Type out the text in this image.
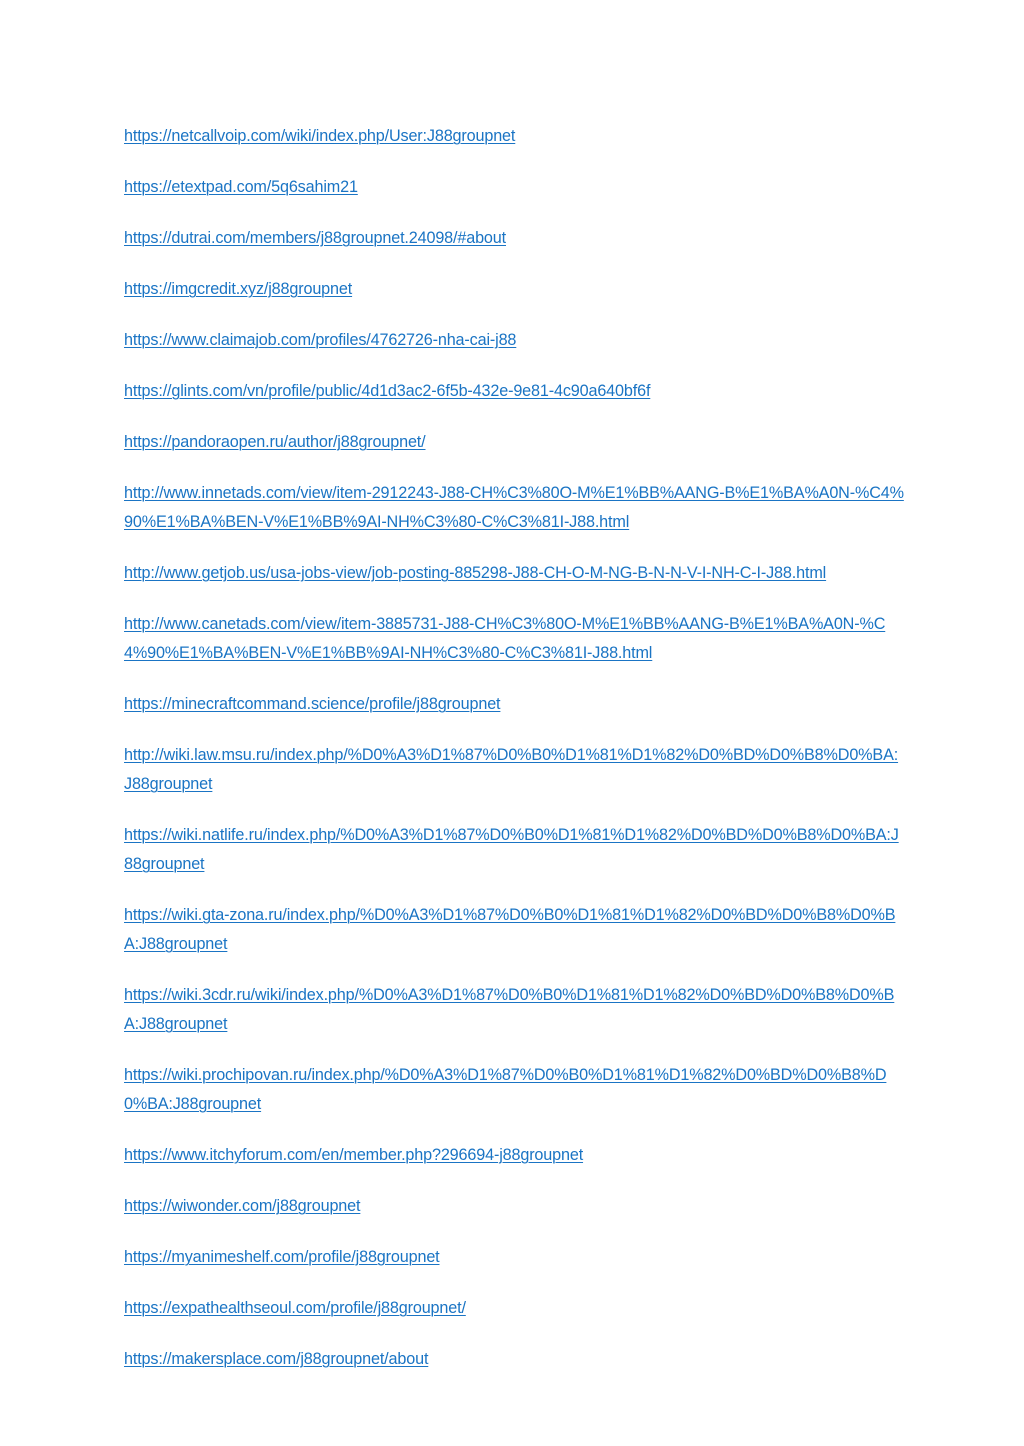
https://netcallvoip.com/wiki/index.php/User:J88groupnet

https://etextpad.com/5q6sahim21

https://dutrai.com/members/j88groupnet.24098/#about

https://imgcredit.xyz/j88groupnet

https://www.claimajob.com/profiles/4762726-nha-cai-j88

https://glints.com/vn/profile/public/4d1d3ac2-6f5b-432e-9e81-4c90a640bf6f

https://pandoraopen.ru/author/j88groupnet/

http://www.innetads.com/view/item-2912243-J88-CH%C3%80O-M%E1%BB%AANG-B%E1%BA%A0N-%C4%90%E1%BA%BEN-V%E1%BB%9AI-NH%C3%80-C%C3%81I-J88.html

http://www.getjob.us/usa-jobs-view/job-posting-885298-J88-CH-O-M-NG-B-N-N-V-I-NH-C-I-J88.html

http://www.canetads.com/view/item-3885731-J88-CH%C3%80O-M%E1%BB%AANG-B%E1%BA%A0N-%C4%90%E1%BA%BEN-V%E1%BB%9AI-NH%C3%80-C%C3%81I-J88.html

https://minecraftcommand.science/profile/j88groupnet

http://wiki.law.msu.ru/index.php/%D0%A3%D1%87%D0%B0%D1%81%D1%82%D0%BD%D0%B8%D0%BA:J88groupnet

https://wiki.natlife.ru/index.php/%D0%A3%D1%87%D0%B0%D1%81%D1%82%D0%BD%D0%B8%D0%BA:J88groupnet

https://wiki.gta-zona.ru/index.php/%D0%A3%D1%87%D0%B0%D1%81%D1%82%D0%BD%D0%B8%D0%BA:J88groupnet

https://wiki.3cdr.ru/wiki/index.php/%D0%A3%D1%87%D0%B0%D1%81%D1%82%D0%BD%D0%B8%D0%BA:J88groupnet

https://wiki.prochipovan.ru/index.php/%D0%A3%D1%87%D0%B0%D1%81%D1%82%D0%BD%D0%B8%D0%BA:J88groupnet

https://www.itchyforum.com/en/member.php?296694-j88groupnet

https://wiwonder.com/j88groupnet

https://myanimeshelf.com/profile/j88groupnet

https://expathealthseoul.com/profile/j88groupnet/

https://makersplace.com/j88groupnet/about
